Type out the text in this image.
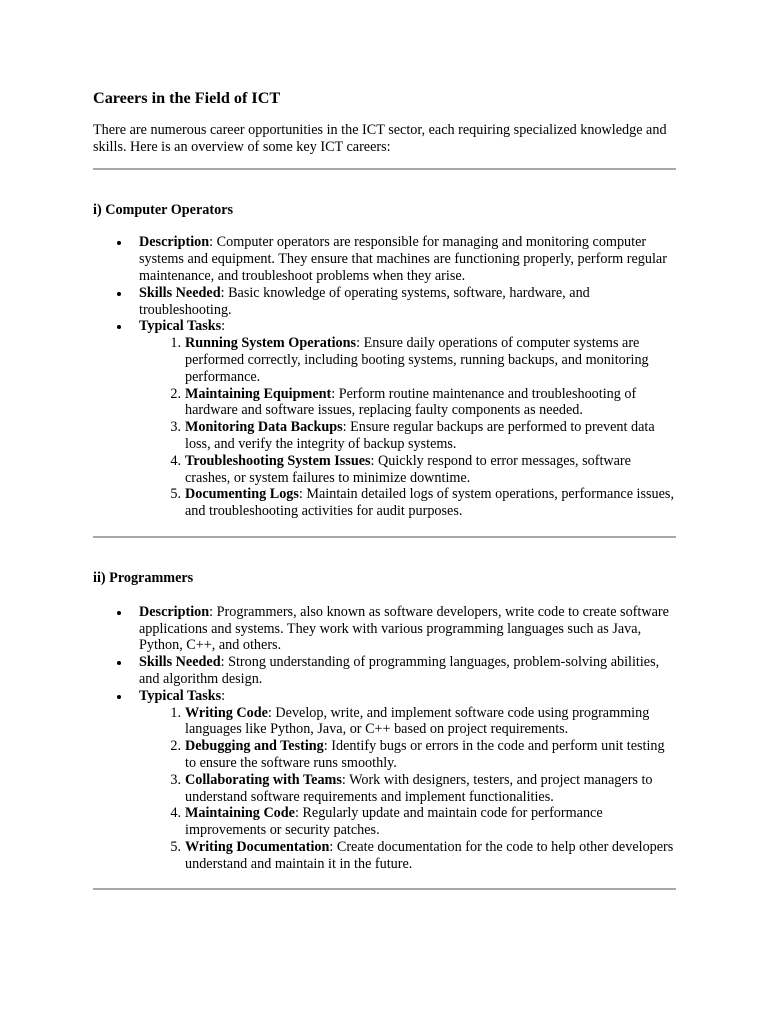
Careers in the Field of ICT

There are numerous career opportunities in the ICT sector, each requiring specialized knowledge and skills. Here is an overview of some key ICT careers:

i) Computer Operators
Description: Computer operators are responsible for managing and monitoring computer systems and equipment. They ensure that machines are functioning properly, perform regular maintenance, and troubleshoot problems when they arise.
Skills Needed: Basic knowledge of operating systems, software, hardware, and troubleshooting.
Typical Tasks:
1. Running System Operations: Ensure daily operations of computer systems are performed correctly, including booting systems, running backups, and monitoring performance.
2. Maintaining Equipment: Perform routine maintenance and troubleshooting of hardware and software issues, replacing faulty components as needed.
3. Monitoring Data Backups: Ensure regular backups are performed to prevent data loss, and verify the integrity of backup systems.
4. Troubleshooting System Issues: Quickly respond to error messages, software crashes, or system failures to minimize downtime.
5. Documenting Logs: Maintain detailed logs of system operations, performance issues, and troubleshooting activities for audit purposes.
ii) Programmers
Description: Programmers, also known as software developers, write code to create software applications and systems. They work with various programming languages such as Java, Python, C++, and others.
Skills Needed: Strong understanding of programming languages, problem-solving abilities, and algorithm design.
Typical Tasks:
1. Writing Code: Develop, write, and implement software code using programming languages like Python, Java, or C++ based on project requirements.
2. Debugging and Testing: Identify bugs or errors in the code and perform unit testing to ensure the software runs smoothly.
3. Collaborating with Teams: Work with designers, testers, and project managers to understand software requirements and implement functionalities.
4. Maintaining Code: Regularly update and maintain code for performance improvements or security patches.
5. Writing Documentation: Create documentation for the code to help other developers understand and maintain it in the future.
